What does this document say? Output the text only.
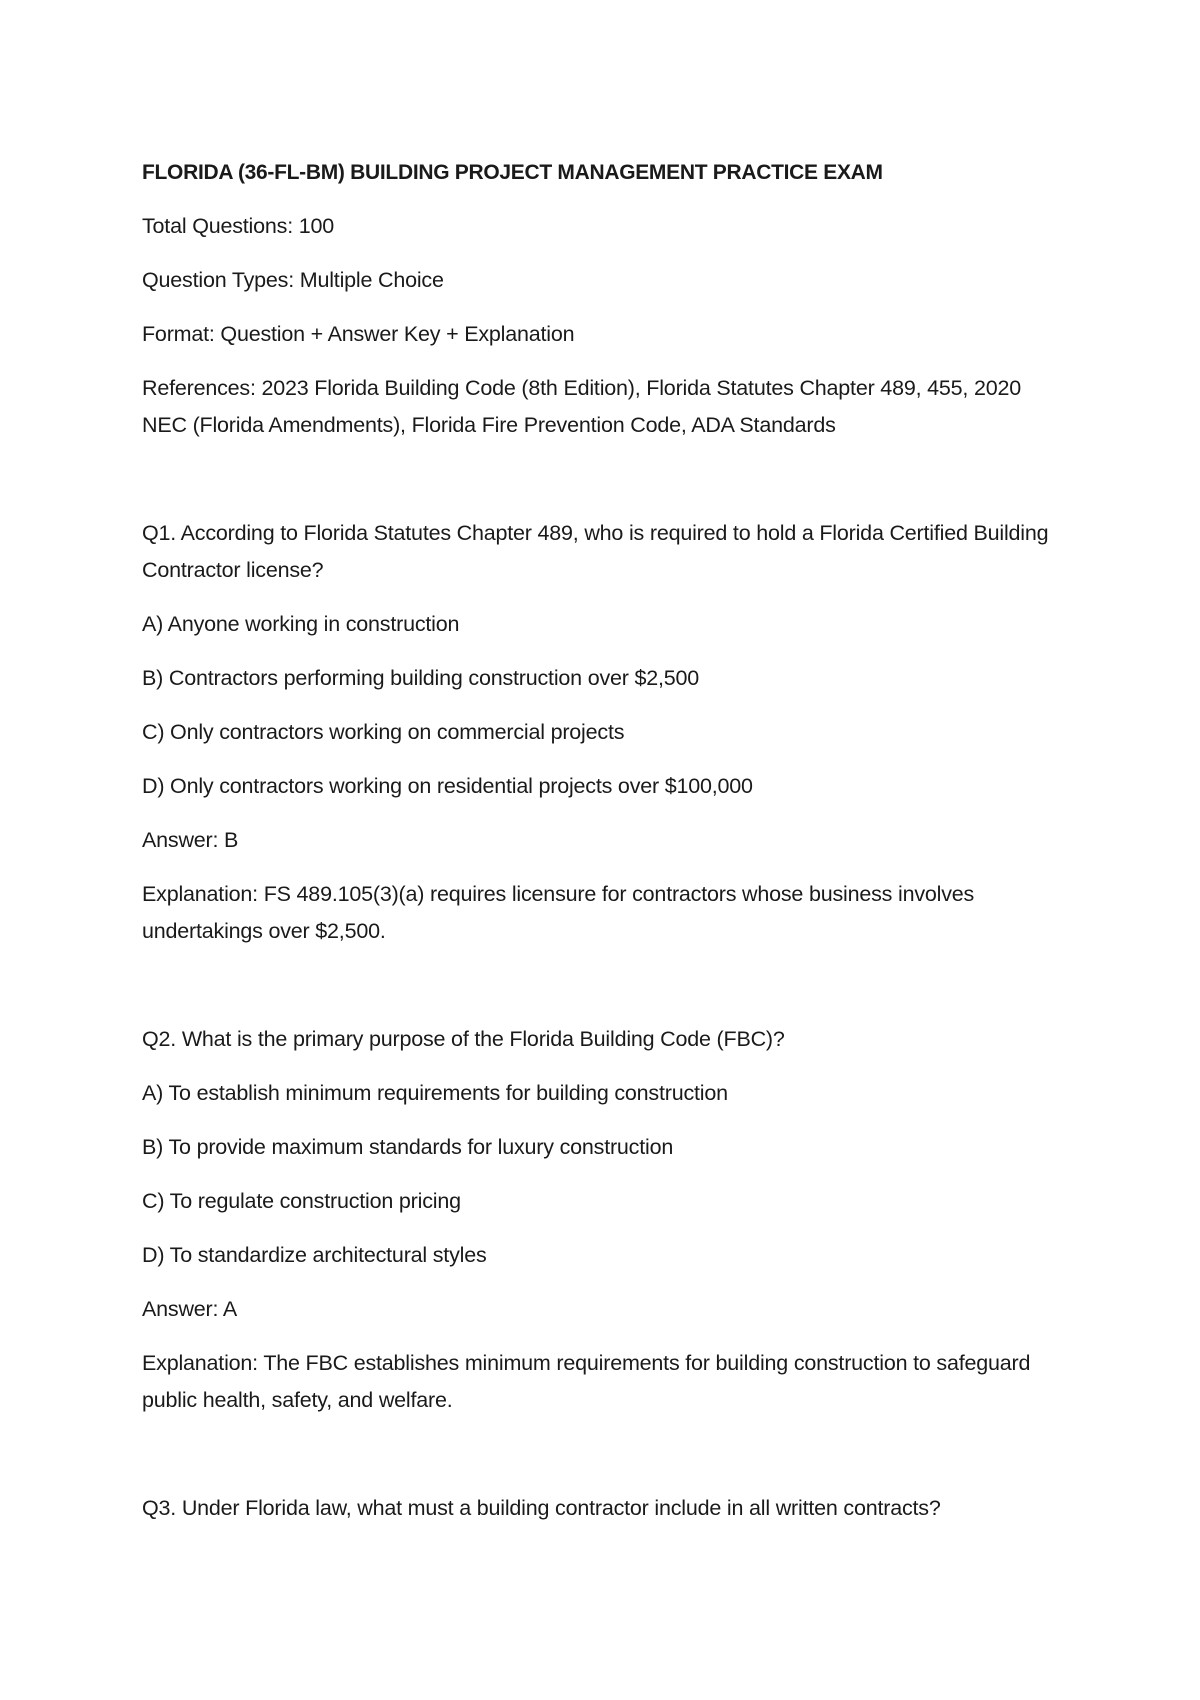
FLORIDA (36-FL-BM) BUILDING PROJECT MANAGEMENT PRACTICE EXAM
Total Questions: 100
Question Types: Multiple Choice
Format: Question + Answer Key + Explanation
References: 2023 Florida Building Code (8th Edition), Florida Statutes Chapter 489, 455, 2020 NEC (Florida Amendments), Florida Fire Prevention Code, ADA Standards
Q1. According to Florida Statutes Chapter 489, who is required to hold a Florida Certified Building Contractor license?
A) Anyone working in construction
B) Contractors performing building construction over $2,500
C) Only contractors working on commercial projects
D) Only contractors working on residential projects over $100,000
Answer: B
Explanation: FS 489.105(3)(a) requires licensure for contractors whose business involves undertakings over $2,500.
Q2. What is the primary purpose of the Florida Building Code (FBC)?
A) To establish minimum requirements for building construction
B) To provide maximum standards for luxury construction
C) To regulate construction pricing
D) To standardize architectural styles
Answer: A
Explanation: The FBC establishes minimum requirements for building construction to safeguard public health, safety, and welfare.
Q3. Under Florida law, what must a building contractor include in all written contracts?
